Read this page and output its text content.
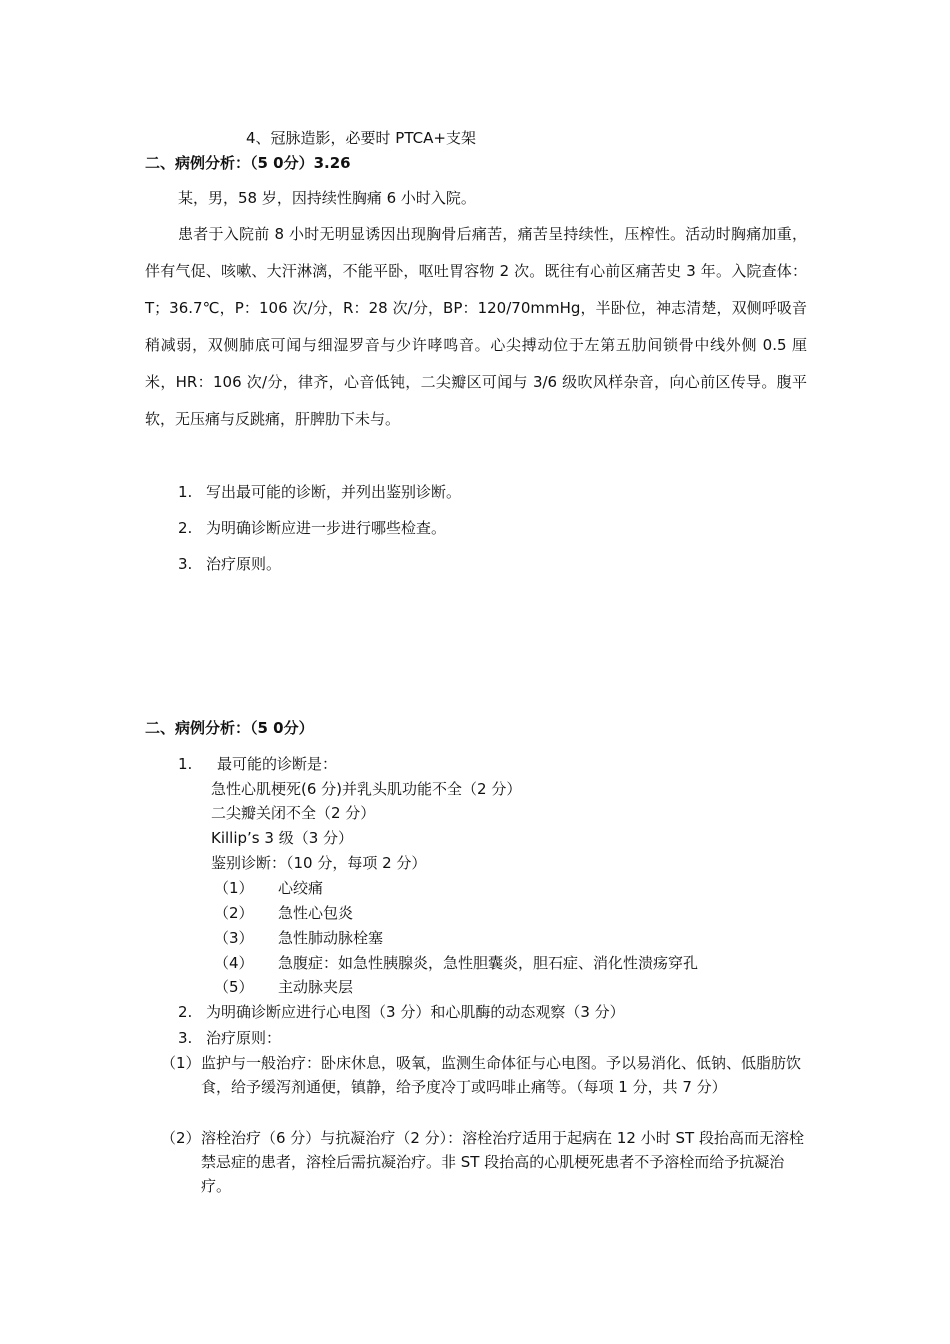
4、冠脉造影，必要时 PTCA+支架
二、病例分析：（5 0分）3.26
某，男，58 岁，因持续性胸痛 6 小时入院。
患者于入院前 8 小时无明显诱因出现胸骨后痛苦，痛苦呈持续性，压榨性。活动时胸痛加重，伴有气促、咳嗽、大汗淋漓，不能平卧，呕吐胃容物 2 次。既往有心前区痛苦史 3 年。入院查体：T；36.7℃，P：106 次/分，R：28 次/分，BP：120/70mmHg，半卧位，神志清楚，双侧呼吸音稍减弱，双侧肺底可闻与细湿罗音与少许哮鸣音。心尖搏动位于左第五肋间锁骨中线外侧 0.5 厘米，HR：106 次/分，律齐，心音低钝，二尖瓣区可闻与 3/6 级吹风样杂音，向心前区传导。腹平软，无压痛与反跳痛，肝脾肋下未与。
1. 写出最可能的诊断，并列出鉴别诊断。
2. 为明确诊断应进一步进行哪些检查。
3. 治疗原则。
二、病例分析：（5 0分）
1. 最可能的诊断是：
急性心肌梗死(6 分)并乳头肌功能不全（2 分）
二尖瓣关闭不全（2 分）
Killip’s 3 级（3 分）
鉴别诊断：（10 分，每项 2 分）
（1） 心绞痛
（2） 急性心包炎
（3） 急性肺动脉栓塞
（4） 急腹症：如急性胰腺炎，急性胆囊炎，胆石症、消化性溃疡穿孔
（5） 主动脉夹层
2. 为明确诊断应进行心电图（3 分）和心肌酶的动态观察（3 分）
3. 治疗原则：
（1） 监护与一般治疗：卧床休息，吸氧，监测生命体征与心电图。予以易消化、低钠、低脂肪饮食，给予缓泻剂通便，镇静，给予度冷丁或吗啡止痛等。（每项 1 分，共 7 分）
（2） 溶栓治疗（6 分）与抗凝治疗（2 分）：溶栓治疗适用于起病在 12 小时 ST 段抬高而无溶栓禁忌症的患者，溶栓后需抗凝治疗。非 ST 段抬高的心肌梗死患者不予溶栓而给予抗凝治疗。
